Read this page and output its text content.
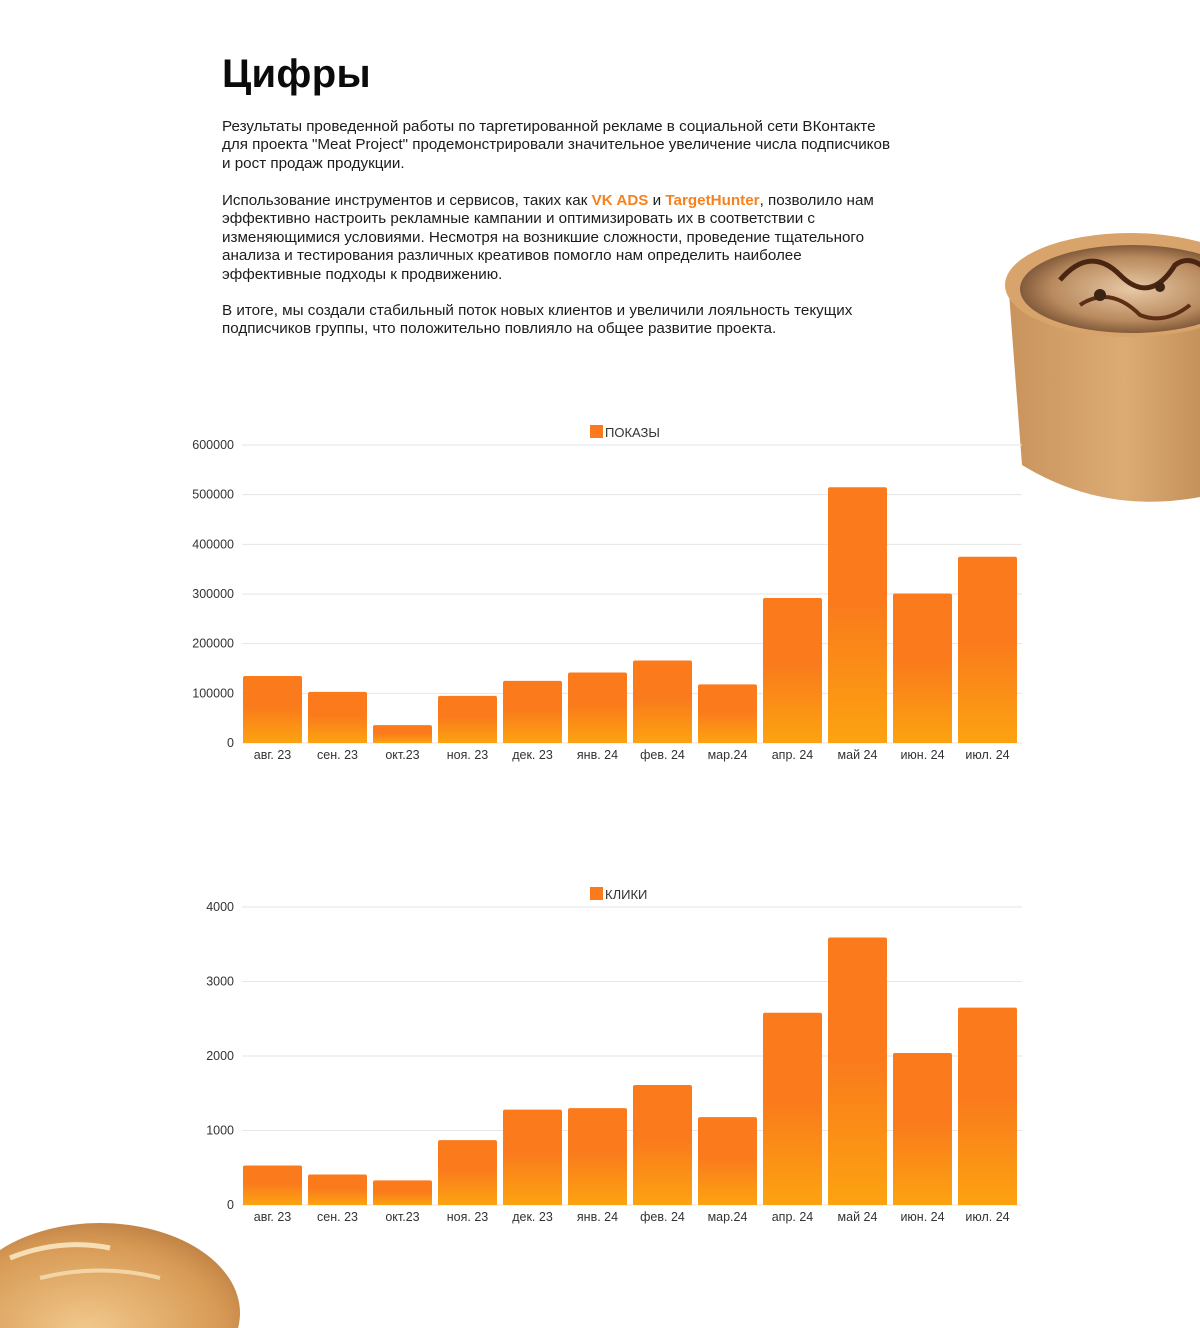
Цифры

Результаты проведенной работы по таргетированной рекламе в социальной сети ВКонтакте для проекта "Meat Project" продемонстрировали значительное увеличение числа подписчиков и рост продаж продукции.

Использование инструментов и сервисов, таких как VK ADS и TargetHunter, позволило нам эффективно настроить рекламные кампании и оптимизировать их в соответствии с изменяющимися условиями. Несмотря на возникшие сложности, проведение тщательного анализа и тестирования различных креативов помогло нам определить наиболее эффективные подходы к продвижению.

В итоге, мы создали стабильный поток новых клиентов и увеличили лояльность текущих подписчиков группы, что положительно повлияло на общее развитие проекта.

ПОКАЗЫ
0
100000
200000
300000
400000
500000
600000
авг. 23 сен. 23 окт.23 ноя. 23 дек. 23 янв. 24 фев. 24 мар.24 апр. 24 май 24 июн. 24 июл. 24
КЛИКИ
0
1000
2000
3000
4000
авг. 23 сен. 23 окт.23 ноя. 23 дек. 23 янв. 24 фев. 24 мар.24 апр. 24 май 24 июн. 24 июл. 24
